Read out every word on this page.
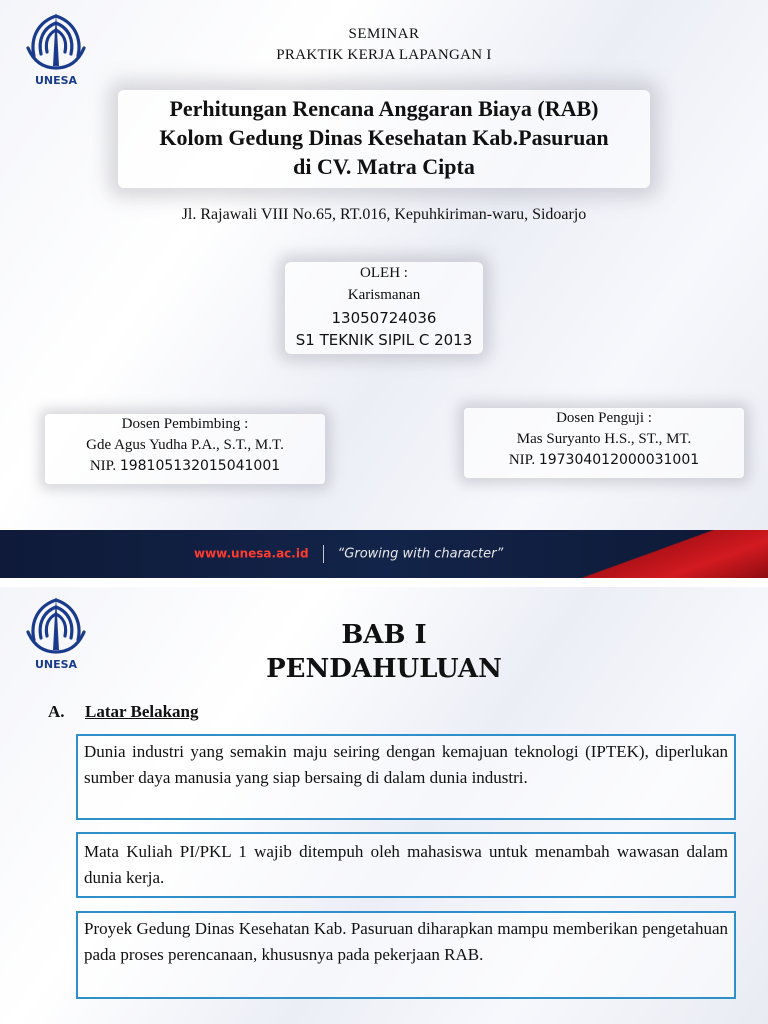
UNESA
SEMINAR
PRAKTIK KERJA LAPANGAN I
Perhitungan Rencana Anggaran Biaya (RAB)
Kolom Gedung Dinas Kesehatan Kab.Pasuruan
di CV. Matra Cipta
Jl. Rajawali VIII No.65, RT.016, Kepuhkiriman-waru, Sidoarjo
OLEH :
Karismanan
13050724036
S1 TEKNIK SIPIL C 2013
Dosen Pembimbing :
Gde Agus Yudha P.A., S.T., M.T.
NIP. 198105132015041001
Dosen Penguji :
Mas Suryanto H.S., ST., MT.
NIP. 197304012000031001
www.unesa.ac.id “Growing with character”
UNESA
BAB I
PENDAHULUAN
A. Latar Belakang
Dunia industri yang semakin maju seiring dengan kemajuan teknologi (IPTEK), diperlukan sumber daya manusia yang siap bersaing di dalam dunia industri.
Mata Kuliah PI/PKL 1 wajib ditempuh oleh mahasiswa untuk menambah wawasan dalam dunia kerja.
Proyek Gedung Dinas Kesehatan Kab. Pasuruan diharapkan mampu memberikan pengetahuan pada proses perencanaan, khususnya pada pekerjaan RAB.
